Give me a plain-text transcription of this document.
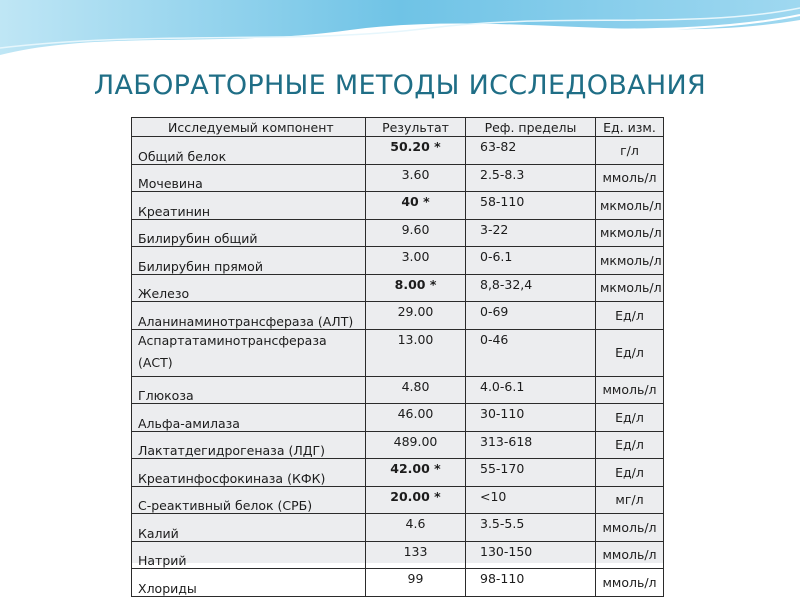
ЛАБОРАТОРНЫЕ МЕТОДЫ ИССЛЕДОВАНИЯ
Исследуемый компонент	Результат	Реф. пределы	Ед. изм.
Общий белок	50.20 *	63-82	г/л
Мочевина	3.60	2.5-8.3	ммоль/л
Креатинин	40 *	58-110	мкмоль/л
Билирубин общий	9.60	3-22	мкмоль/л
Билирубин прямой	3.00	0-6.1	мкмоль/л
Железо	8.00 *	8,8-32,4	мкмоль/л
Аланинаминотрансфераза (АЛТ)	29.00	0-69	Ед/л
Аспартатаминотрансфераза (АСТ)	13.00	0-46	Ед/л
Глюкоза	4.80	4.0-6.1	ммоль/л
Альфа-амилаза	46.00	30-110	Ед/л
Лактатдегидрогеназа (ЛДГ)	489.00	313-618	Ед/л
Креатинфосфокиназа (КФК)	42.00 *	55-170	Ед/л
С-реактивный белок (СРБ)	20.00 *	<10	мг/л
Калий	4.6	3.5-5.5	ммоль/л
Натрий	133	130-150	ммоль/л
Хлориды	99	98-110	ммоль/л
